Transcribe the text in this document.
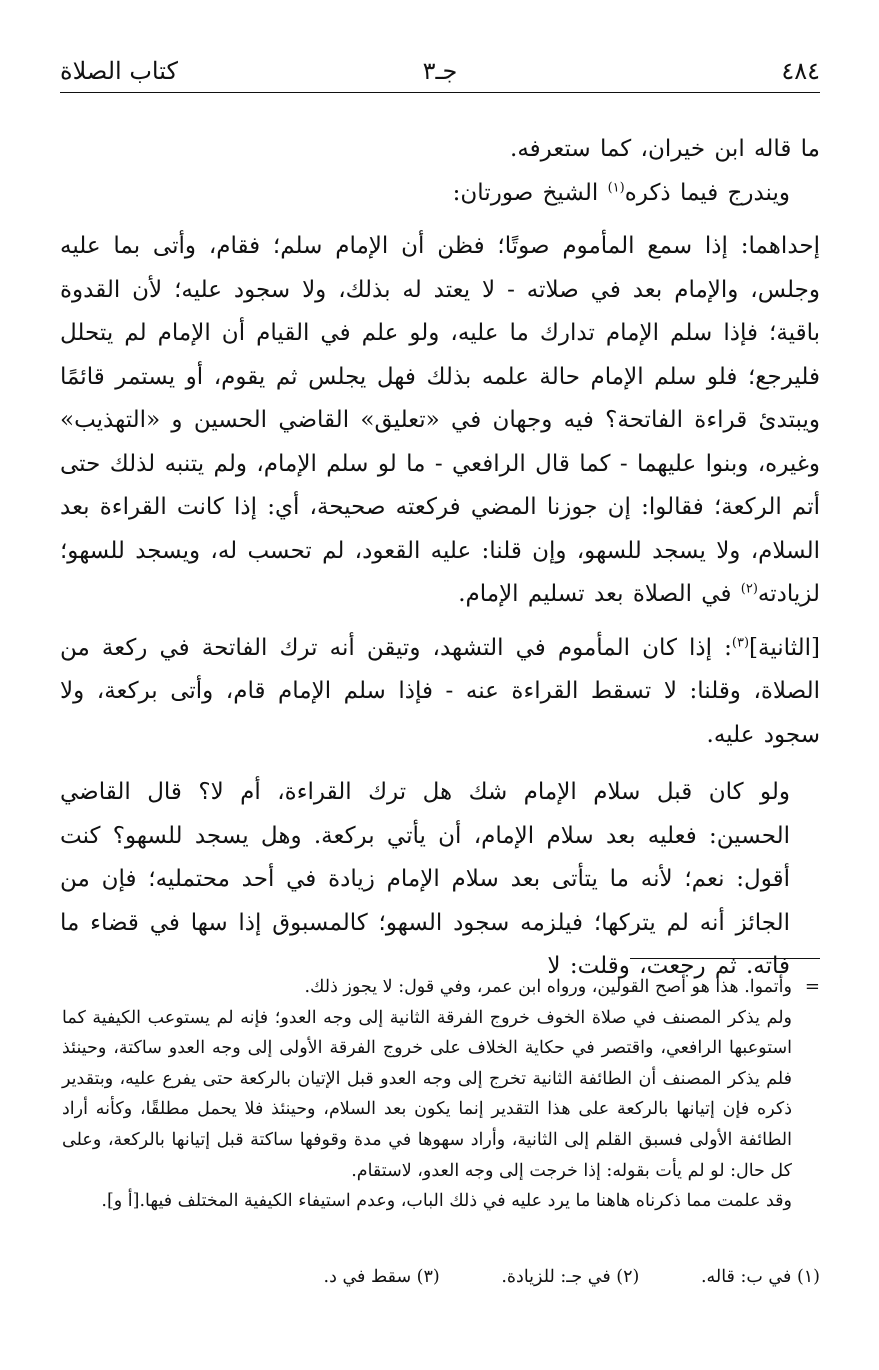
٤٨٤
جـ٣
كتاب الصلاة

ما قاله ابن خيران، كما ستعرفه.

ويندرج فيما ذكره$^{(١)}$ الشيخ صورتان:

إحداهما: إذا سمع المأموم صوتًا؛ فظن أن الإمام سلم؛ فقام، وأتى بما عليه وجلس، والإمام بعد في صلاته - لا يعتد له بذلك، ولا سجود عليه؛ لأن القدوة باقية؛ فإذا سلم الإمام تدارك ما عليه، ولو علم في القيام أن الإمام لم يتحلل فليرجع؛ فلو سلم الإمام حالة علمه بذلك فهل يجلس ثم يقوم، أو يستمر قائمًا ويبتدئ قراءة الفاتحة؟ فيه وجهان في «تعليق» القاضي الحسين و «التهذيب» وغيره، وبنوا عليهما - كما قال الرافعي - ما لو سلم الإمام، ولم يتنبه لذلك حتى أتم الركعة؛ فقالوا: إن جوزنا المضي فركعته صحيحة، أي: إذا كانت القراءة بعد السلام، ولا يسجد للسهو، وإن قلنا: عليه القعود، لم تحسب له، ويسجد للسهو؛ لزيادته$^{(٢)}$ في الصلاة بعد تسليم الإمام.

[الثانية]$^{(٣)}$: إذا كان المأموم في التشهد، وتيقن أنه ترك الفاتحة في ركعة من الصلاة، وقلنا: لا تسقط القراءة عنه - فإذا سلم الإمام قام، وأتى بركعة، ولا سجود عليه.

ولو كان قبل سلام الإمام شك هل ترك القراءة، أم لا؟ قال القاضي الحسين: فعليه بعد سلام الإمام، أن يأتي بركعة. وهل يسجد للسهو؟ كنت أقول: نعم؛ لأنه ما يتأتى بعد سلام الإمام زيادة في أحد محتمليه؛ فإن من الجائز أنه لم يتركها؛ فيلزمه سجود السهو؛ كالمسبوق إذا سها في قضاء ما فاته. ثم رجعت، وقلت: لا

=

وأتموا. هذا هو أصح القولين، ورواه ابن عمر، وفي قول: لا يجوز ذلك.

ولم يذكر المصنف في صلاة الخوف خروج الفرقة الثانية إلى وجه العدو؛ فإنه لم يستوعب الكيفية كما استوعبها الرافعي، واقتصر في حكاية الخلاف على خروج الفرقة الأولى إلى وجه العدو ساكتة، وحينئذ فلم يذكر المصنف أن الطائفة الثانية تخرج إلى وجه العدو قبل الإتيان بالركعة حتى يفرع عليه، وبتقدير ذكره فإن إتيانها بالركعة على هذا التقدير إنما يكون بعد السلام، وحينئذ فلا يحمل مطلقًا، وكأنه أراد الطائفة الأولى فسبق القلم إلى الثانية، وأراد سهوها في مدة وقوفها ساكتة قبل إتيانها بالركعة، وعلى كل حال: لو لم يأت بقوله: إذا خرجت إلى وجه العدو، لاستقام.

وقد علمت مما ذكرناه هاهنا ما يرد عليه في ذلك الباب، وعدم استيفاء الكيفية المختلف فيها.[أ و].

(١) في ب: قاله. (٢) في جـ: للزيادة. (٣) سقط في د.
